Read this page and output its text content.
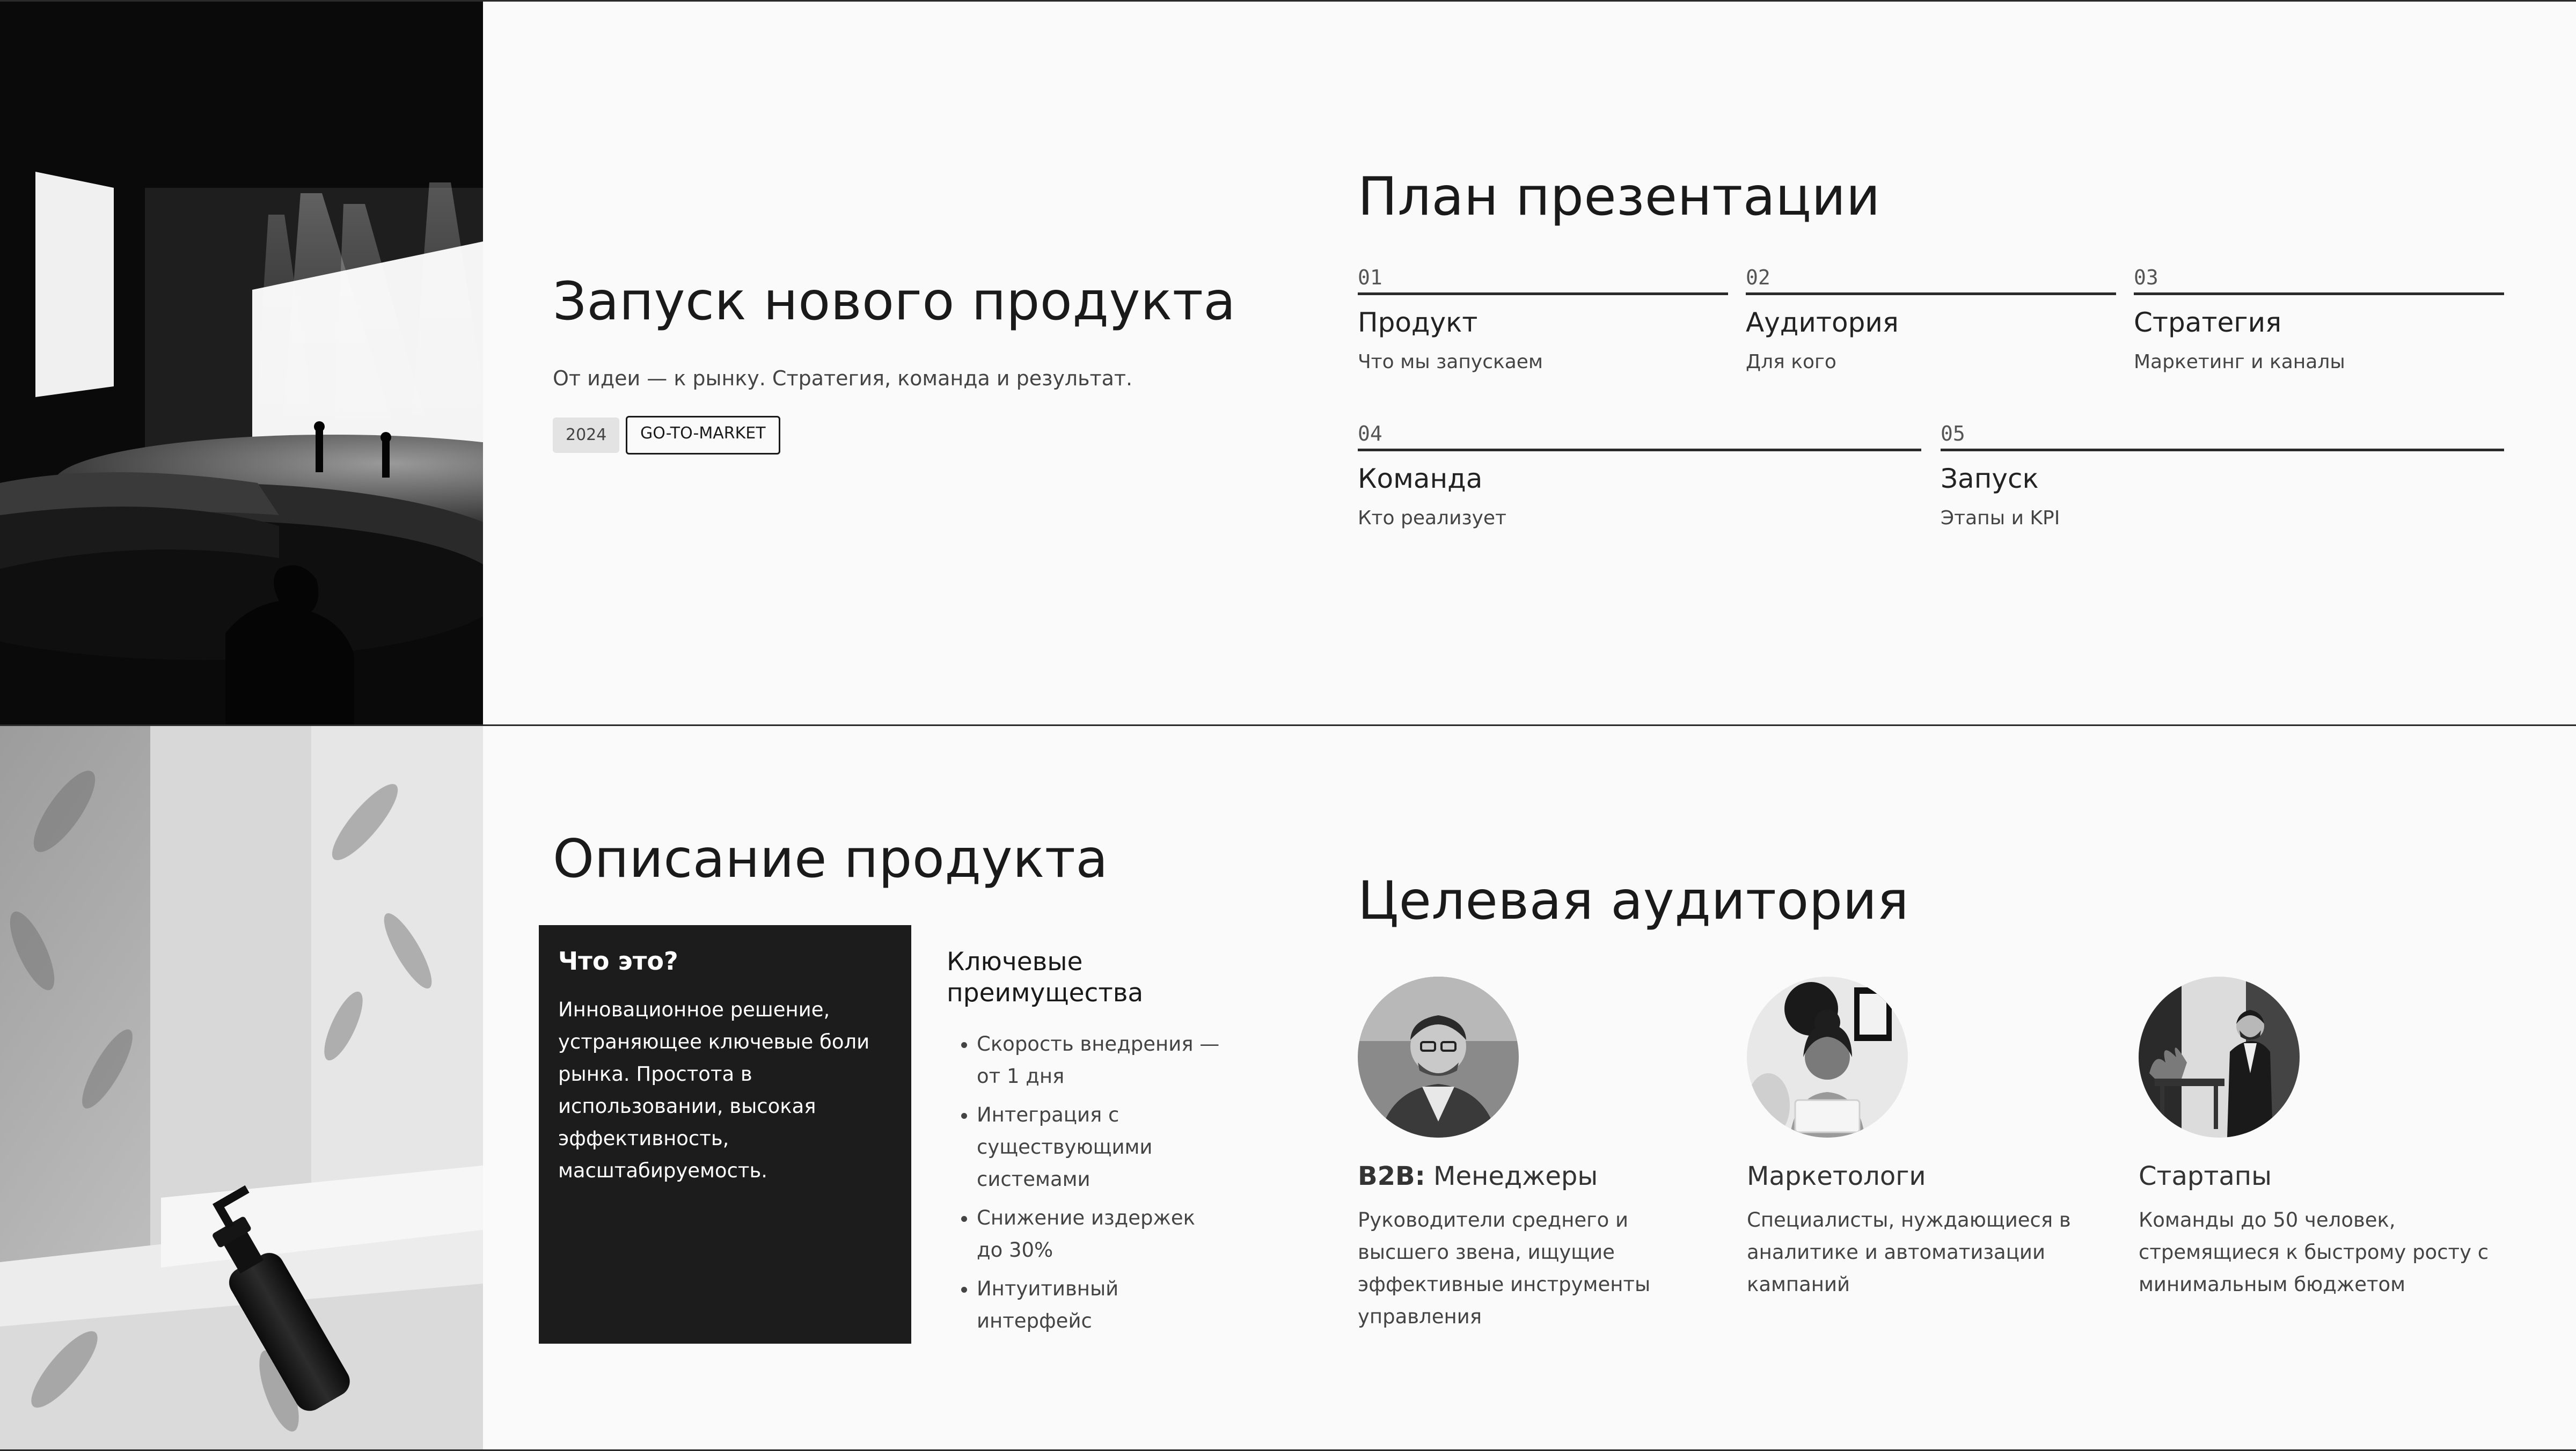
Запуск нового продукта
От идеи — к рынку. Стратегия, команда и результат.
2024	GO-TO-MARKET
План презентации
01
Продукт
Что мы запускаем
02
Аудитория
Для кого
03
Стратегия
Маркетинг и каналы
04
Команда
Кто реализует
05
Запуск
Этапы и KPI
Описание продукта
Что это?
Инновационное решение, устраняющее ключевые боли рынка. Простота в использовании, высокая эффективность, масштабируемость.
Ключевые преимущества
• Скорость внедрения — от 1 дня
• Интеграция с существующими системами
• Снижение издержек до 30%
• Интуитивный интерфейс
Целевая аудитория
B2B: Менеджеры
Руководители среднего и высшего звена, ищущие эффективные инструменты управления
Маркетологи
Специалисты, нуждающиеся в аналитике и автоматизации кампаний
Стартапы
Команды до 50 человек, стремящиеся к быстрому росту с минимальным бюджетом
